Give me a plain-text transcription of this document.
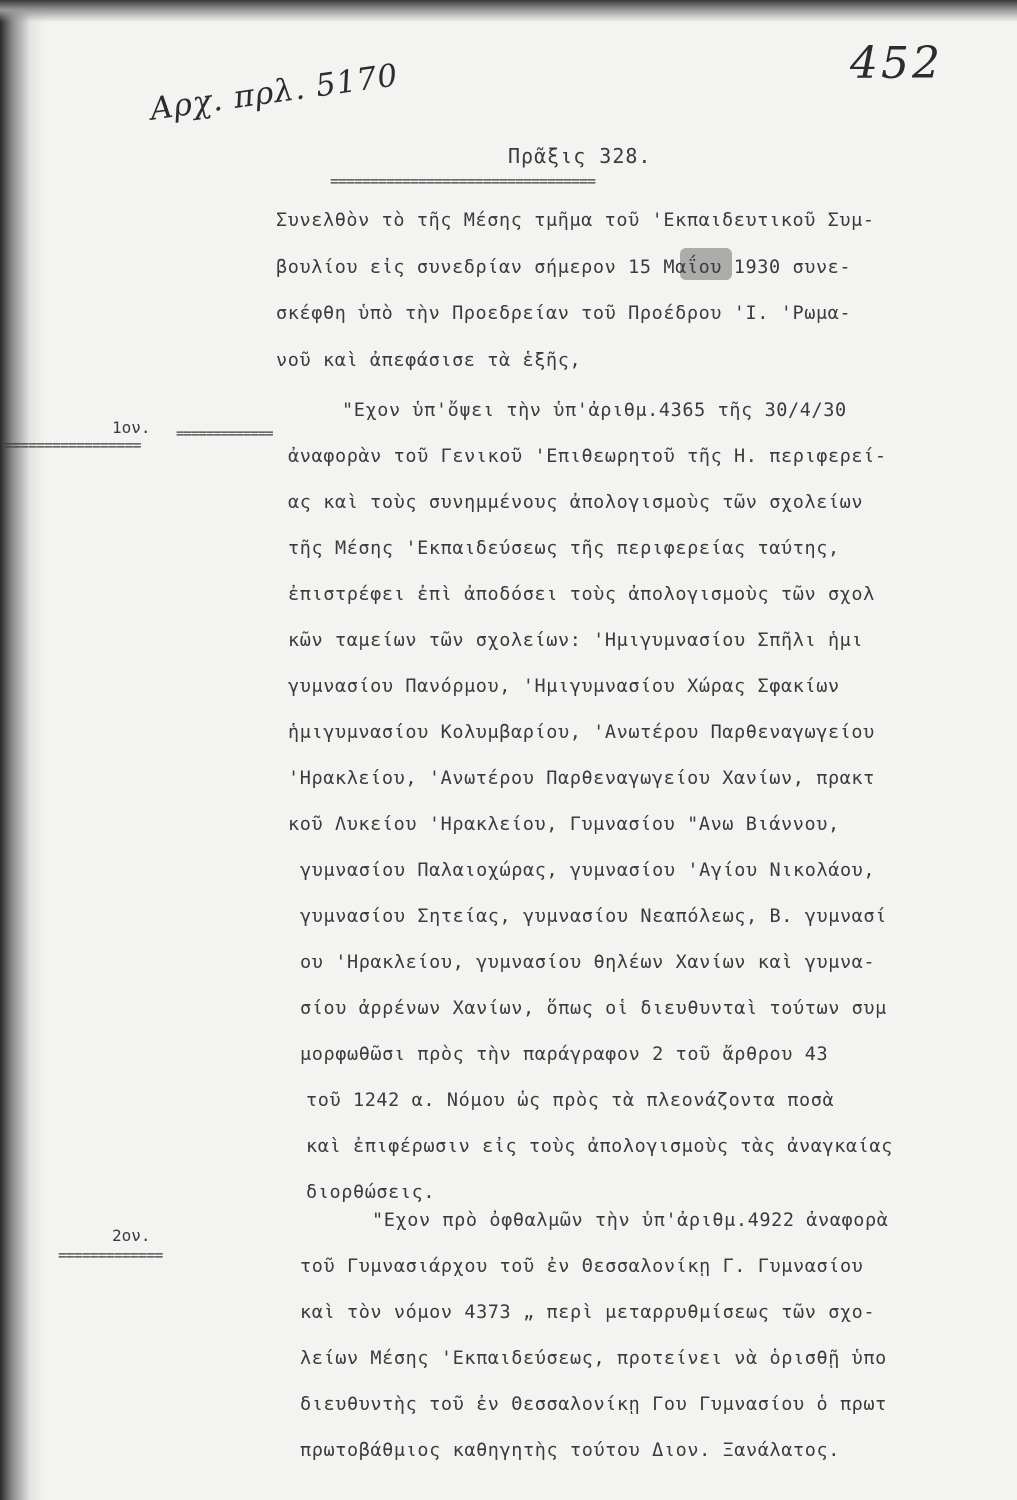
Αρχ. πρλ. 5170	452
Πρᾶξις 328.
=================================
Συνελθὸν τὸ τῆς Μέσης τμῆμα τοῦ 'Εκπαιδευτικοῦ Συμ-
βουλίου εἰς συνεδρίαν σήμερον 15 Μαΐου 1930 συνε-
σκέφθη ὑπὸ τὴν Προεδρείαν τοῦ Προέδρου 'Ι. 'Ρωμα-
νοῦ καὶ ἀπεφάσισε τὰ ἑξῆς,
1ον.
=================
=============
"Εχον ὑπ'ὄψει τὴν ὑπ'ἀριθμ.4365 τῆς 30/4/30
ἀναφορὰν τοῦ Γενικοῦ 'Επιθεωρητοῦ τῆς Η. περιφερεί-
ας καὶ τοὺς συνημμένους ἀπολογισμοὺς τῶν σχολείων
τῆς Μέσης 'Εκπαιδεύσεως τῆς περιφερείας ταύτης,
ἐπιστρέφει ἐπὶ ἀποδόσει τοὺς ἀπολογισμοὺς τῶν σχολ
κῶν ταμείων τῶν σχολείων: 'Ημιγυμνασίου Σπῆλι ἡμι
γυμνασίου Πανόρμου, 'Ημιγυμνασίου Χώρας Σφακίων
ἡμιγυμνασίου Κολυμβαρίου, 'Ανωτέρου Παρθεναγωγείου
'Ηρακλείου, 'Ανωτέρου Παρθεναγωγείου Χανίων, πρακτ
κοῦ Λυκείου 'Ηρακλείου, Γυμνασίου "Ανω Βιάννου,
γυμνασίου Παλαιοχώρας, γυμνασίου 'Αγίου Νικολάου,
γυμνασίου Σητείας, γυμνασίου Νεαπόλεως, Β. γυμνασί
ου 'Ηρακλείου, γυμνασίου θηλέων Χανίων καὶ γυμνα-
σίου ἀρρένων Χανίων, ὅπως οἱ διευθυνταὶ τούτων συμ
μορφωθῶσι πρὸς τὴν παράγραφον 2 τοῦ ἄρθρου 43
τοῦ 1242 α. Νόμου ὡς πρὸς τὰ πλεονάζοντα ποσὰ
καὶ ἐπιφέρωσιν εἰς τοὺς ἀπολογισμοὺς τὰς ἀναγκαίας
διορθώσεις.
2ον.
=============
"Εχον πρὸ ὀφθαλμῶν τὴν ὑπ'ἀριθμ.4922 ἀναφορὰ
τοῦ Γυμνασιάρχου τοῦ ἐν Θεσσαλονίκῃ Γ. Γυμνασίου
καὶ τὸν νόμον 4373 „ περὶ μεταρρυθμίσεως τῶν σχο-
λείων Μέσης 'Εκπαιδεύσεως, προτείνει νὰ ὁρισθῇ ὑπο
διευθυντὴς τοῦ ἐν Θεσσαλονίκῃ Γου Γυμνασίου ὁ πρωτ
πρωτοβάθμιος καθηγητὴς τούτου Διον. Ξανάλατος.
